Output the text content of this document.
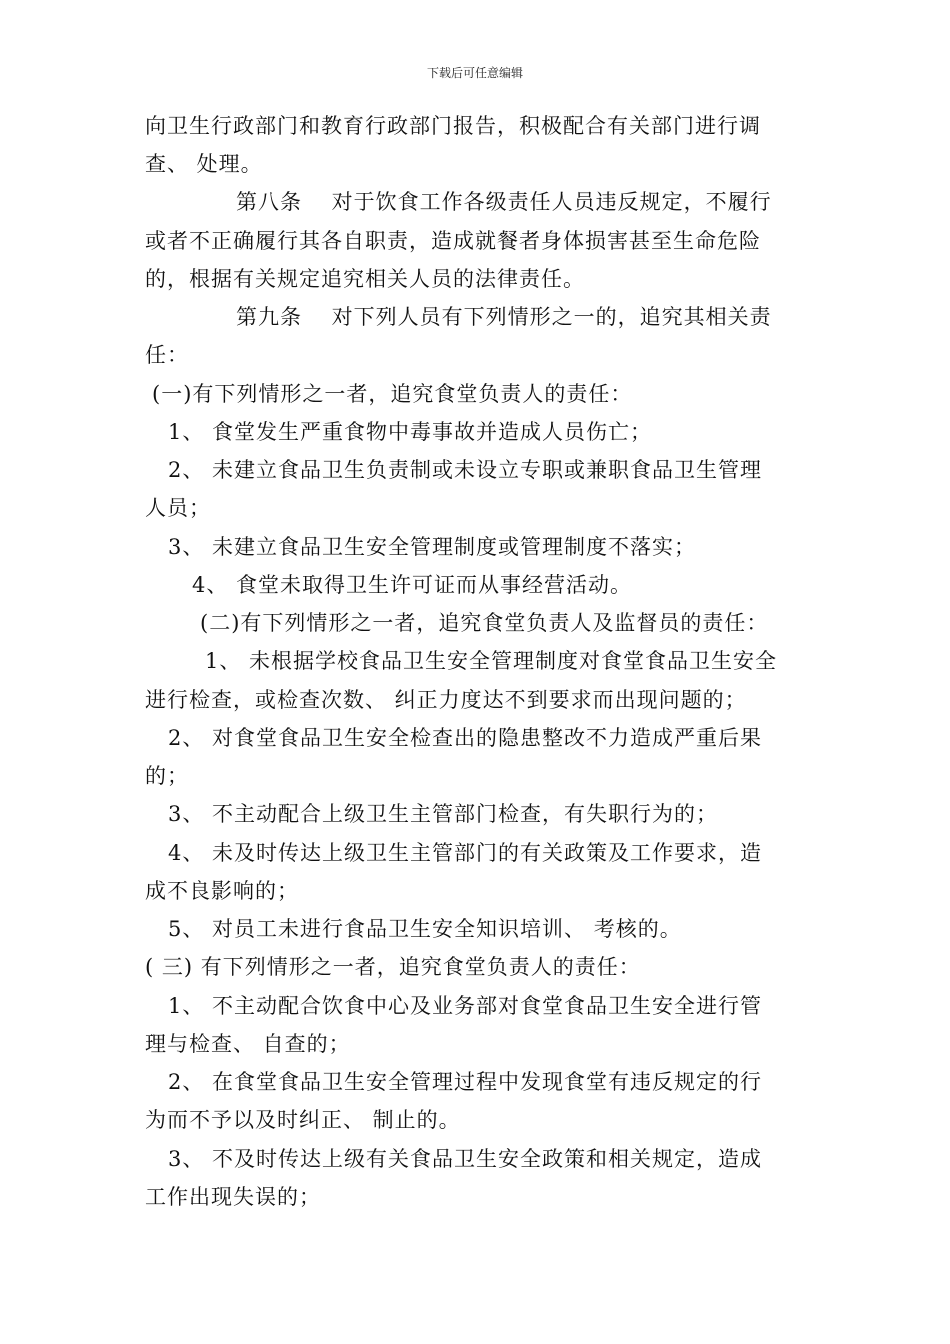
下载后可任意编辑
向卫生行政部门和教育行政部门报告，积极配合有关部门进行调
查、 处理。
第八条　 对于饮食工作各级责任人员违反规定，不履行
或者不正确履行其各自职责，造成就餐者身体损害甚至生命危险
的，根据有关规定追究相关人员的法律责任。
第九条　 对下列人员有下列情形之一的，追究其相关责
任：
(一)有下列情形之一者，追究食堂负责人的责任：
1、 食堂发生严重食物中毒事故并造成人员伤亡；
2、 未建立食品卫生负责制或未设立专职或兼职食品卫生管理
人员；
3、 未建立食品卫生安全管理制度或管理制度不落实；
4、 食堂未取得卫生许可证而从事经营活动。
(二)有下列情形之一者，追究食堂负责人及监督员的责任：
1、 未根据学校食品卫生安全管理制度对食堂食品卫生安全
进行检查，或检查次数、 纠正力度达不到要求而出现问题的；
2、 对食堂食品卫生安全检查出的隐患整改不力造成严重后果
的；
3、 不主动配合上级卫生主管部门检查，有失职行为的；
4、 未及时传达上级卫生主管部门的有关政策及工作要求，造
成不良影响的；
5、 对员工未进行食品卫生安全知识培训、 考核的。
( 三) 有下列情形之一者，追究食堂负责人的责任：
1、 不主动配合饮食中心及业务部对食堂食品卫生安全进行管
理与检查、 自查的；
2、 在食堂食品卫生安全管理过程中发现食堂有违反规定的行
为而不予以及时纠正、 制止的。
3、 不及时传达上级有关食品卫生安全政策和相关规定，造成
工作出现失误的；
